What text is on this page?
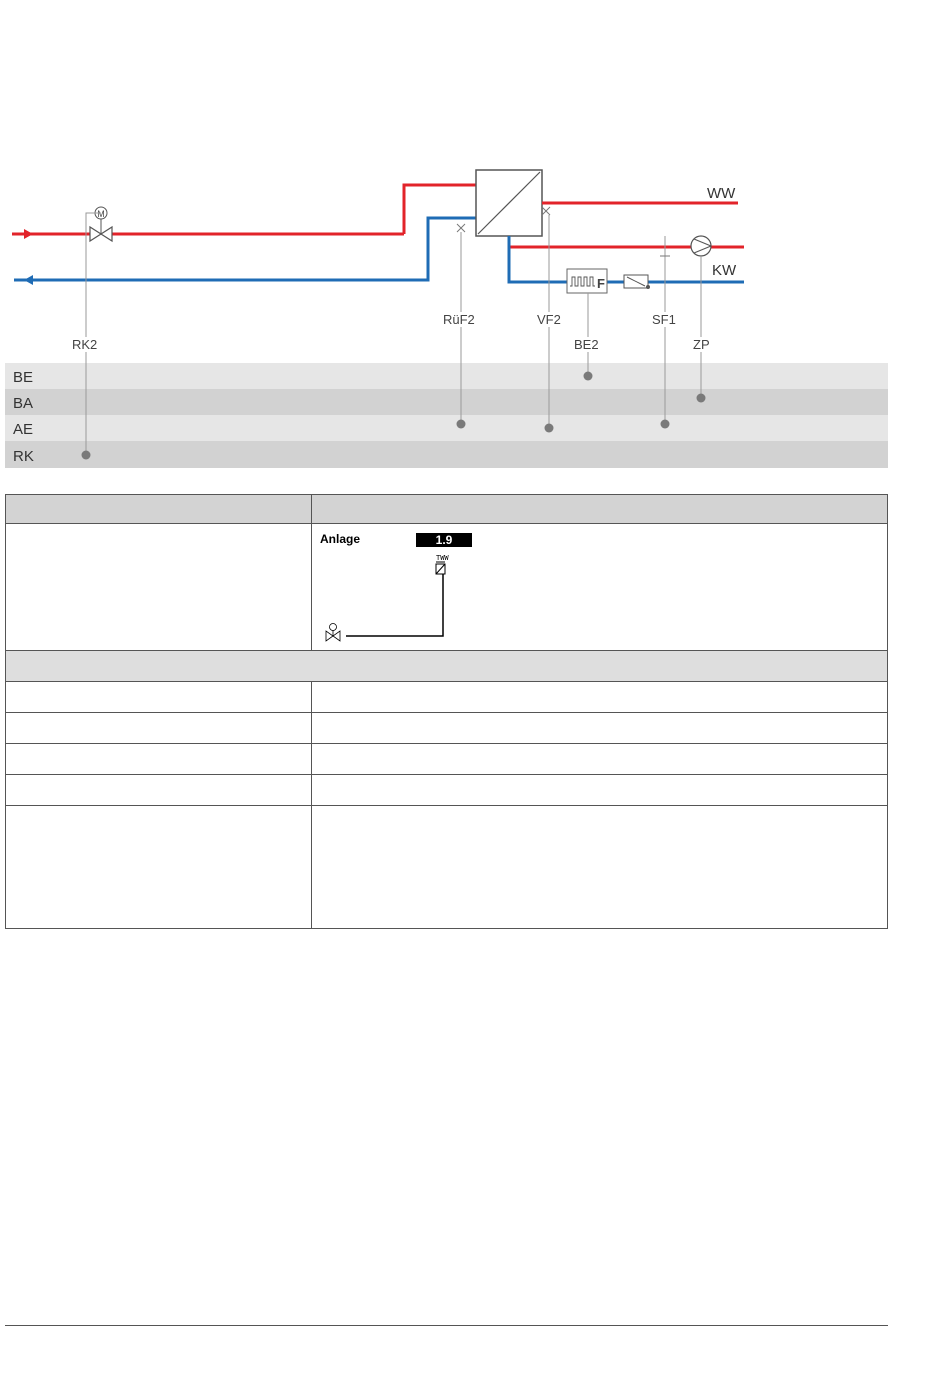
BE
BA
AE
RK
WW
KW
M
RK2
RüF2	VF2
F
BE2
SF1
ZP

	Anlage 1.9
TWW
